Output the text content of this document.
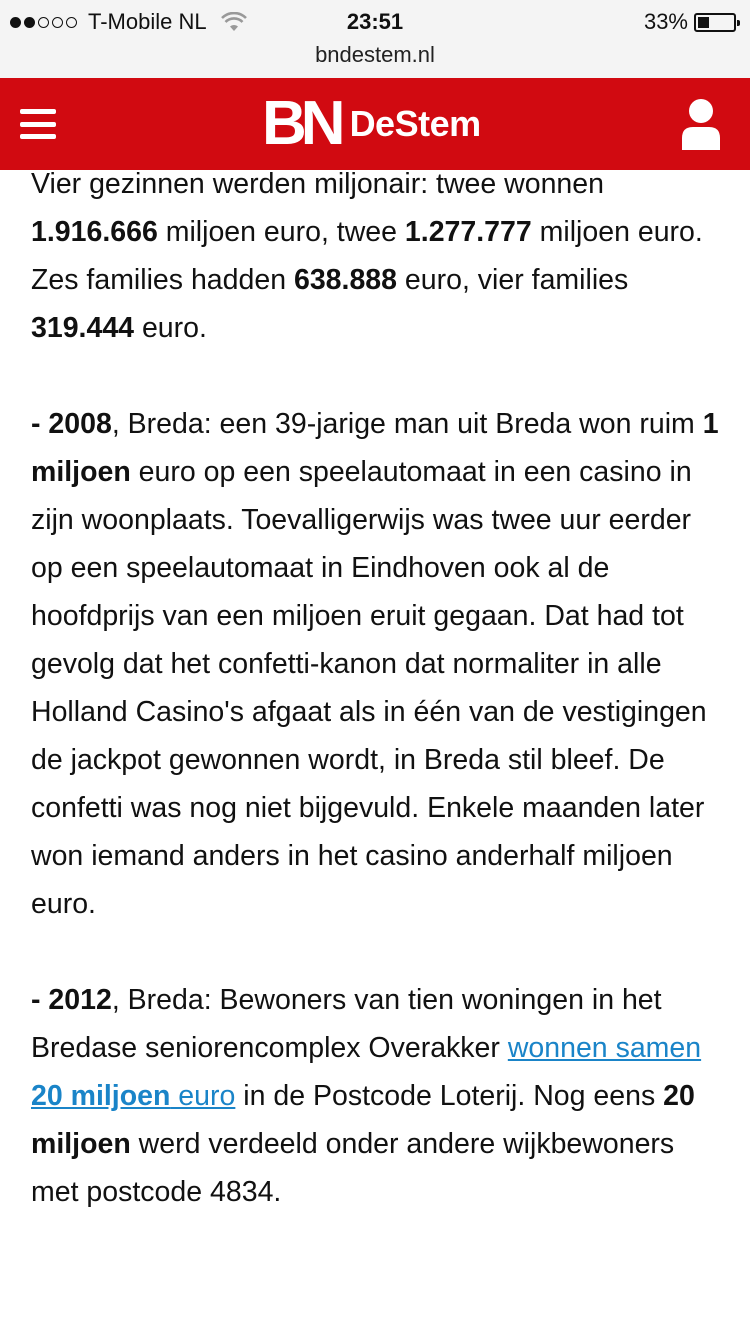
T-Mobile NL	23:51	33%
bndestem.nl
BN DeStem

Vier gezinnen werden miljonair: twee wonnen 1.916.666 miljoen euro, twee 1.277.777 miljoen euro. Zes families hadden 638.888 euro, vier families 319.444 euro.

- 2008, Breda: een 39-jarige man uit Breda won ruim 1 miljoen euro op een speelautomaat in een casino in zijn woonplaats. Toevalligerwijs was twee uur eerder op een speelautomaat in Eindhoven ook al de hoofdprijs van een miljoen eruit gegaan. Dat had tot gevolg dat het confetti-kanon dat normaliter in alle Holland Casino's afgaat als in één van de vestigingen de jackpot gewonnen wordt, in Breda stil bleef. De confetti was nog niet bijgevuld. Enkele maanden later won iemand anders in het casino anderhalf miljoen euro.

- 2012, Breda: Bewoners van tien woningen in het Bredase seniorencomplex Overakker wonnen samen 20 miljoen euro in de Postcode Loterij. Nog eens 20 miljoen werd verdeeld onder andere wijkbewoners met postcode 4834.
